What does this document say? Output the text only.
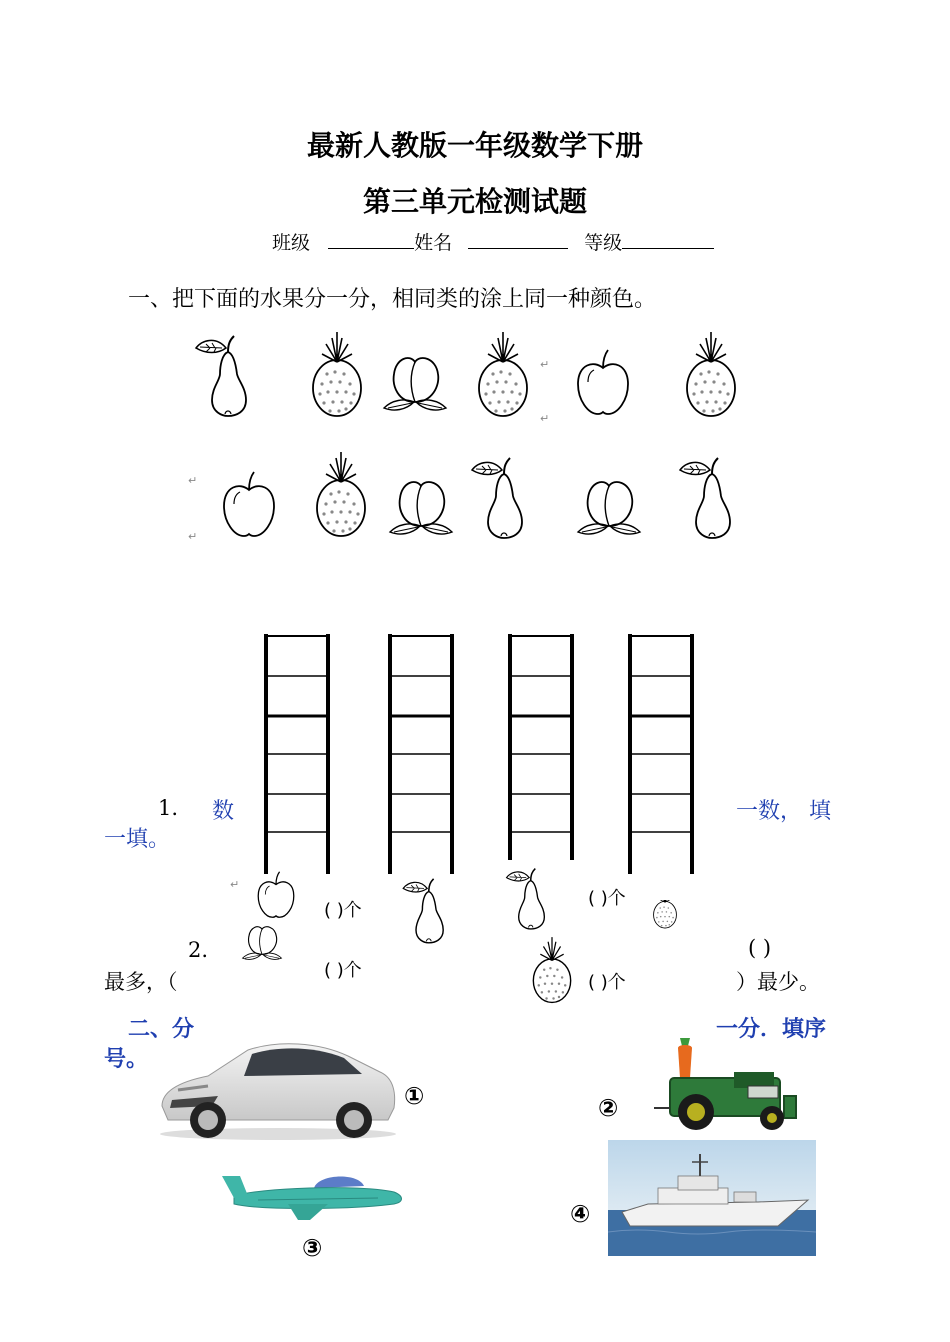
最新人教版一年级数学下册
第三单元检测试题
班级	姓名	等级
一、把下面的水果分一分，相同类的涂上同一种颜色。
↵
↵
↵
↵
1. 数	一数， 填
一填。
↵
( )个
( )个
2.
( )个
( )
最多，（	( )个	）最少。
二、分	一分．填序
号。
①	②
③
④
